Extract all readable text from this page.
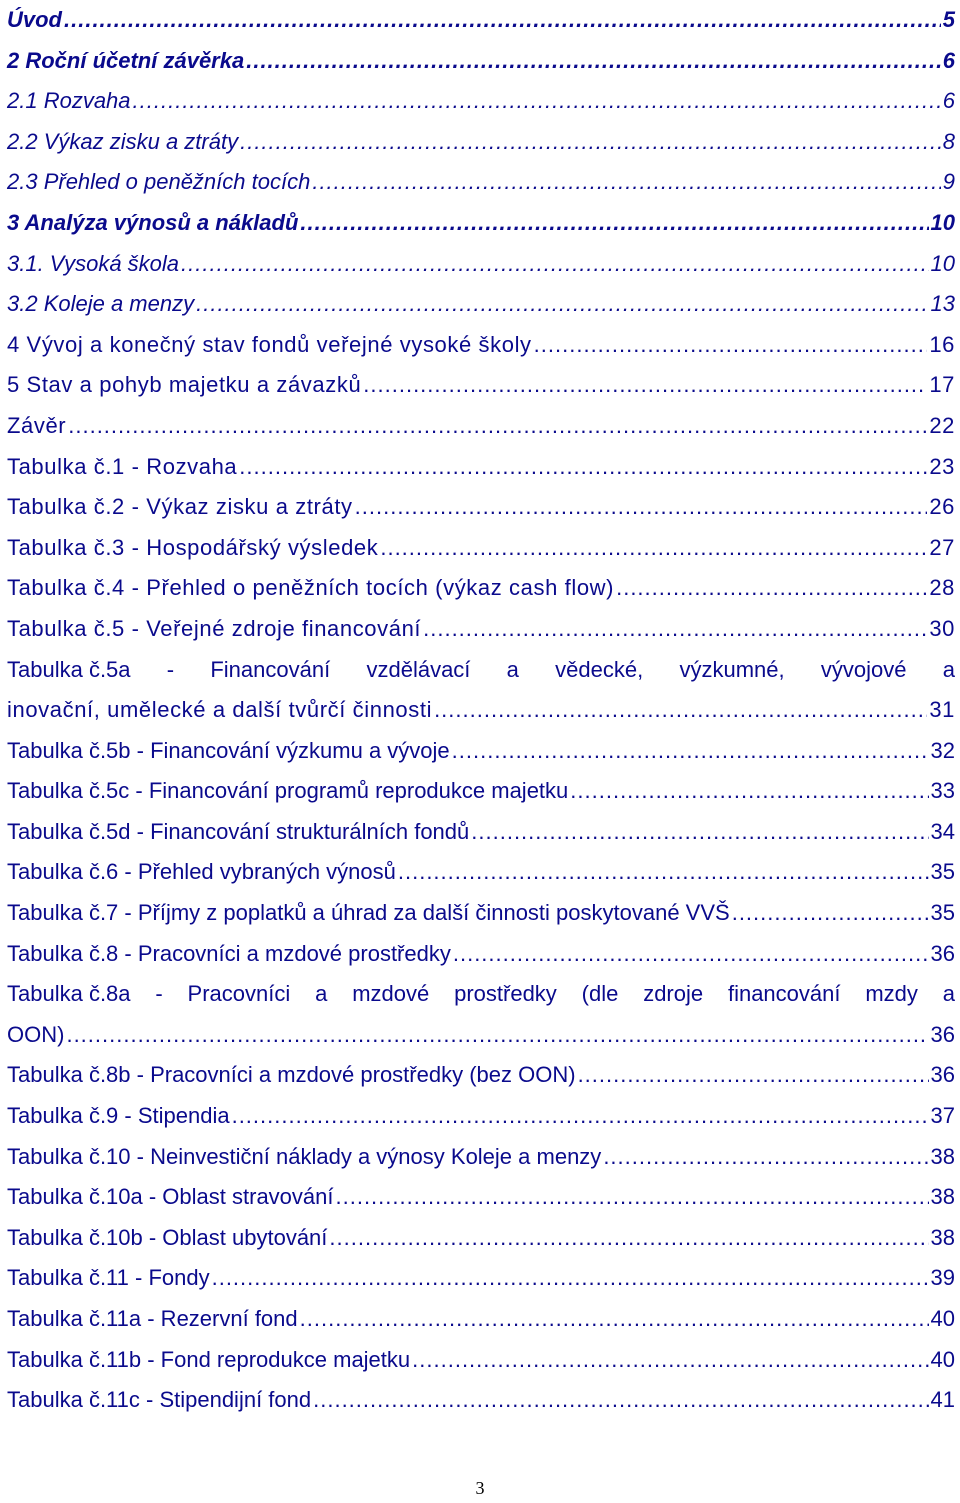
Úvod .....	5
2 Roční účetní závěrka .....	6
2.1 Rozvaha .....	6
2.2 Výkaz zisku a ztráty .....	8
2.3 Přehled o peněžních tocích .....	9
3 Analýza výnosů a nákladů .....	10
3.1. Vysoká škola .....	10
3.2 Koleje a menzy .....	13
4 Vývoj a konečný stav fondů veřejné vysoké školy .....	16
5 Stav a pohyb majetku a závazků .....	17
Závěr .....	22
Tabulka č.1 - Rozvaha .....	23
Tabulka č.2 - Výkaz zisku a ztráty .....	26
Tabulka č.3 - Hospodářský výsledek .....	27
Tabulka č.4 - Přehled o peněžních tocích (výkaz cash flow) .....	28
Tabulka č.5 - Veřejné zdroje financování .....	30
Tabulka č.5a - Financování vzdělávací a vědecké, výzkumné, vývojové a
inovační, umělecké a další tvůrčí činnosti .....	31
Tabulka č.5b - Financování výzkumu a vývoje .....	32
Tabulka č.5c - Financování programů reprodukce majetku .....	33
Tabulka č.5d - Financování strukturálních fondů .....	34
Tabulka č.6 - Přehled vybraných výnosů .....	35
Tabulka č.7 - Příjmy z poplatků a úhrad za další činnosti poskytované VVŠ .....	35
Tabulka č.8 - Pracovníci a mzdové prostředky .....	36
Tabulka č.8a - Pracovníci a mzdové prostředky (dle zdroje financování mzdy a
OON) .....	36
Tabulka č.8b - Pracovníci a mzdové prostředky (bez OON) .....	36
Tabulka č.9 - Stipendia .....	37
Tabulka č.10 - Neinvestiční náklady a výnosy Koleje a menzy .....	38
Tabulka č.10a - Oblast stravování .....	38
Tabulka č.10b - Oblast ubytování .....	38
Tabulka č.11 - Fondy .....	39
Tabulka č.11a - Rezervní fond .....	40
Tabulka č.11b - Fond reprodukce majetku .....	40
Tabulka č.11c - Stipendijní fond .....	41
3
